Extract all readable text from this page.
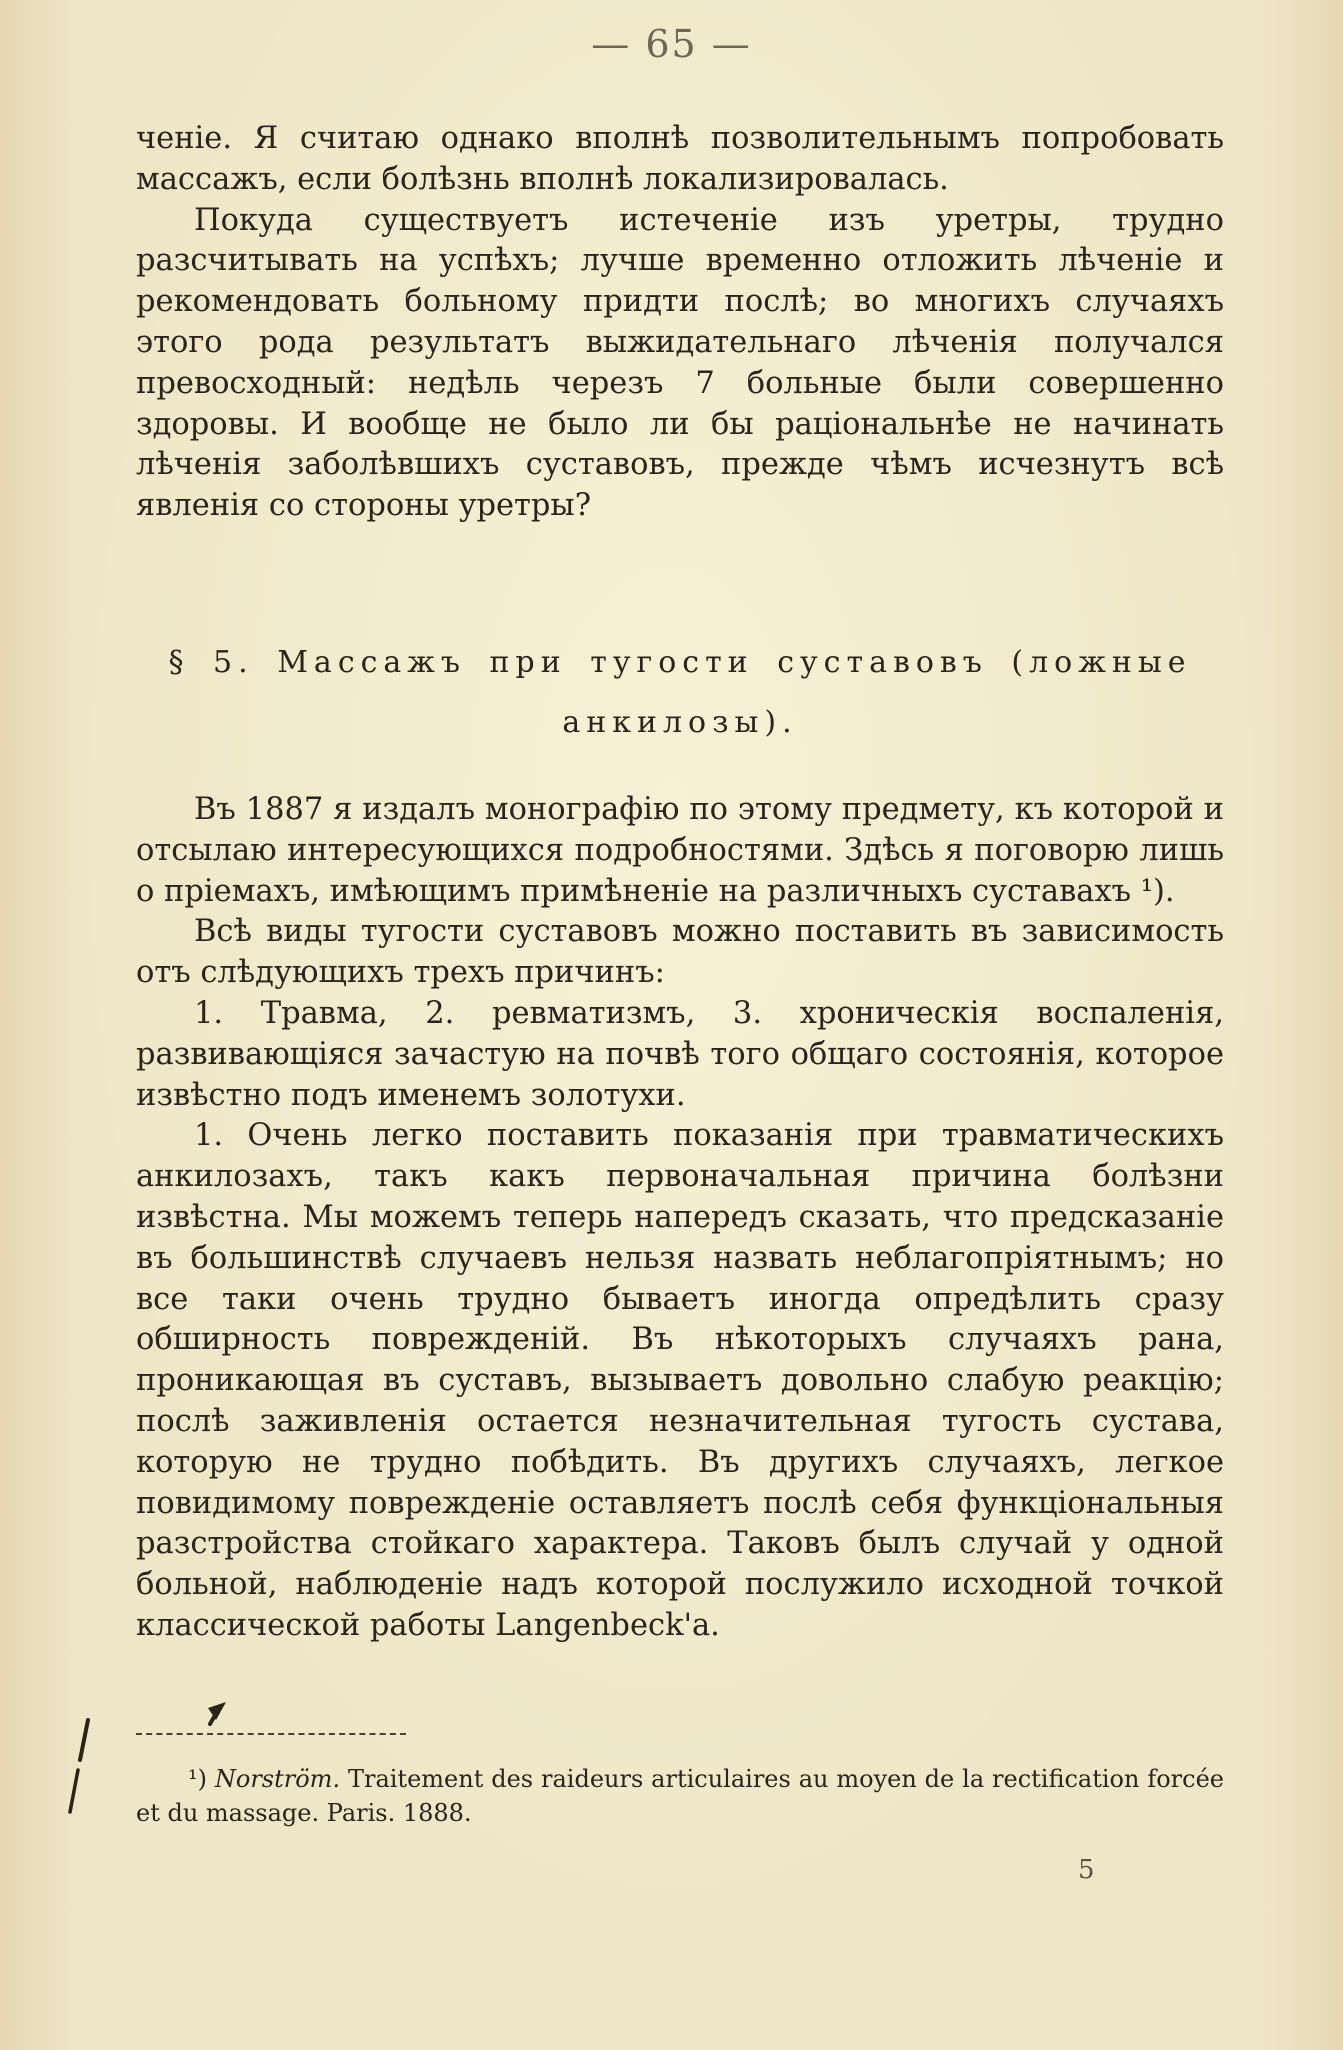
— 65 —

ченіе. Я считаю однако вполнѣ позволительнымъ попробовать массажъ, если болѣзнь вполнѣ локализировалась.

Покуда существуетъ истеченіе изъ уретры, трудно разсчитывать на успѣхъ; лучше временно отложить лѣченіе и рекомендовать больному придти послѣ; во многихъ случаяхъ этого рода результатъ выжидательнаго лѣченія получался превосходный: недѣль черезъ 7 больные были совершенно здоровы. И вообще не было ли бы раціональнѣе не начинать лѣченія заболѣвшихъ суставовъ, прежде чѣмъ исчезнутъ всѣ явленія со стороны уретры?

§ 5. Массажъ при тугости суставовъ (ложные анкилозы).

Въ 1887 я издалъ монографію по этому предмету, къ которой и отсылаю интересующихся подробностями. Здѣсь я поговорю лишь о пріемахъ, имѣющимъ примѣненіе на различныхъ суставахъ ¹).

Всѣ виды тугости суставовъ можно поставить въ зависимость отъ слѣдующихъ трехъ причинъ:

1. Травма, 2. ревматизмъ, 3. хроническія воспаленія, развивающіяся зачастую на почвѣ того общаго состоянія, которое извѣстно подъ именемъ золотухи.

1. Очень легко поставить показанія при травматическихъ анкилозахъ, такъ какъ первоначальная причина болѣзни извѣстна. Мы можемъ теперь напередъ сказать, что предсказаніе въ большинствѣ случаевъ нельзя назвать неблагопріятнымъ; но все таки очень трудно бываетъ иногда опредѣлить сразу обширность поврежденій. Въ нѣкоторыхъ случаяхъ рана, проникающая въ суставъ, вызываетъ довольно слабую реакцію; послѣ заживленія остается незначительная тугость сустава, которую не трудно побѣдить. Въ другихъ случаяхъ, легкое повидимому поврежденіе оставляетъ послѣ себя функціональныя разстройства стойкаго характера. Таковъ былъ случай у одной больной, наблюденіе надъ которой послужило исходной точкой классической работы Langenbeck'а.

¹) Norström. Traitement des raideurs articulaires au moyen de la rectification forcée et du massage. Paris. 1888.

5
